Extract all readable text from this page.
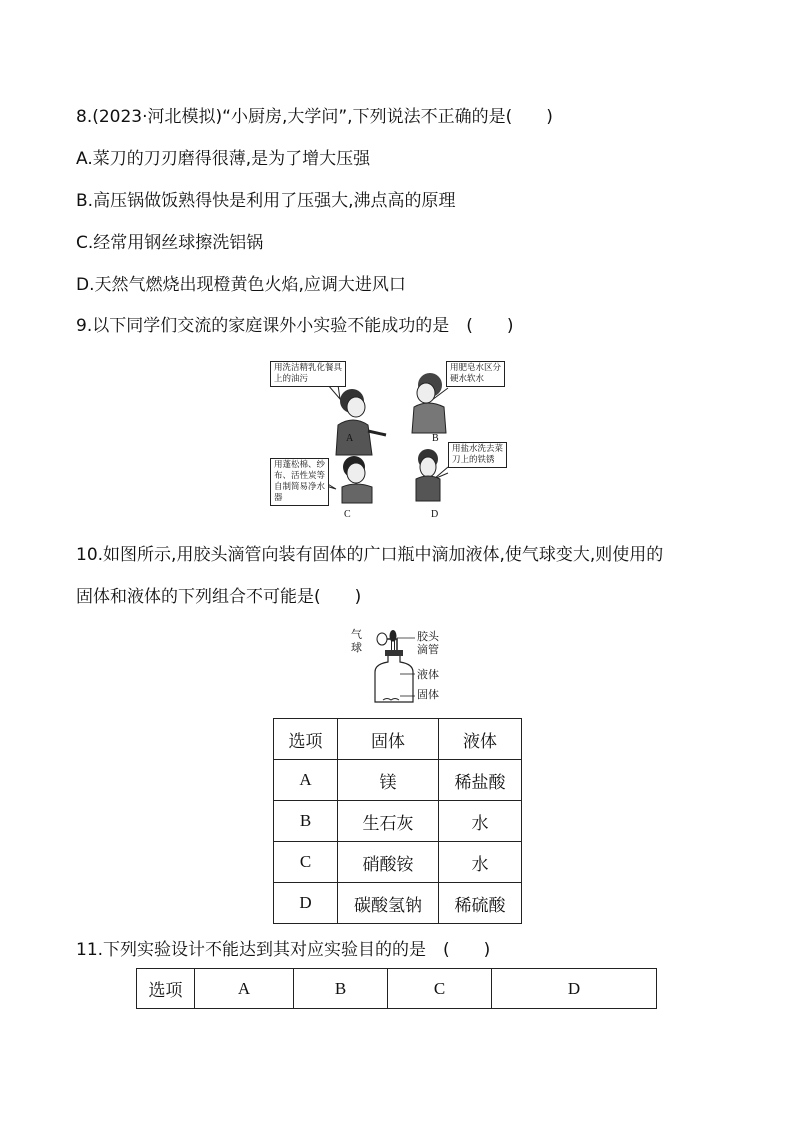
8.(2023·河北模拟)“小厨房,大学问”,下列说法不正确的是(　　)
A.菜刀的刀刃磨得很薄,是为了增大压强
B.高压锅做饭熟得快是利用了压强大,沸点高的原理
C.经常用钢丝球擦洗铝锅
D.天然气燃烧出现橙黄色火焰,应调大进风口
9.以下同学们交流的家庭课外小实验不能成功的是　(　　)
用洗洁精乳化餐具
上的油污
用肥皂水区分
硬水软水
用蓬松棉、纱
布、活性炭等
自制简易净水
器
用盐水洗去菜
刀上的铁锈
A	B
C	D
10.如图所示,用胶头滴管向装有固体的广口瓶中滴加液体,使气球变大,则使用的
固体和液体的下列组合不可能是(　　)
气
球
胶头
滴管
液体
固体
选项	固体	液体
A	镁	稀盐酸
B	生石灰	水
C	硝酸铵	水
D	碳酸氢钠	稀硫酸
11.下列实验设计不能达到其对应实验目的的是　(　　)
选项	A	B	C	D
